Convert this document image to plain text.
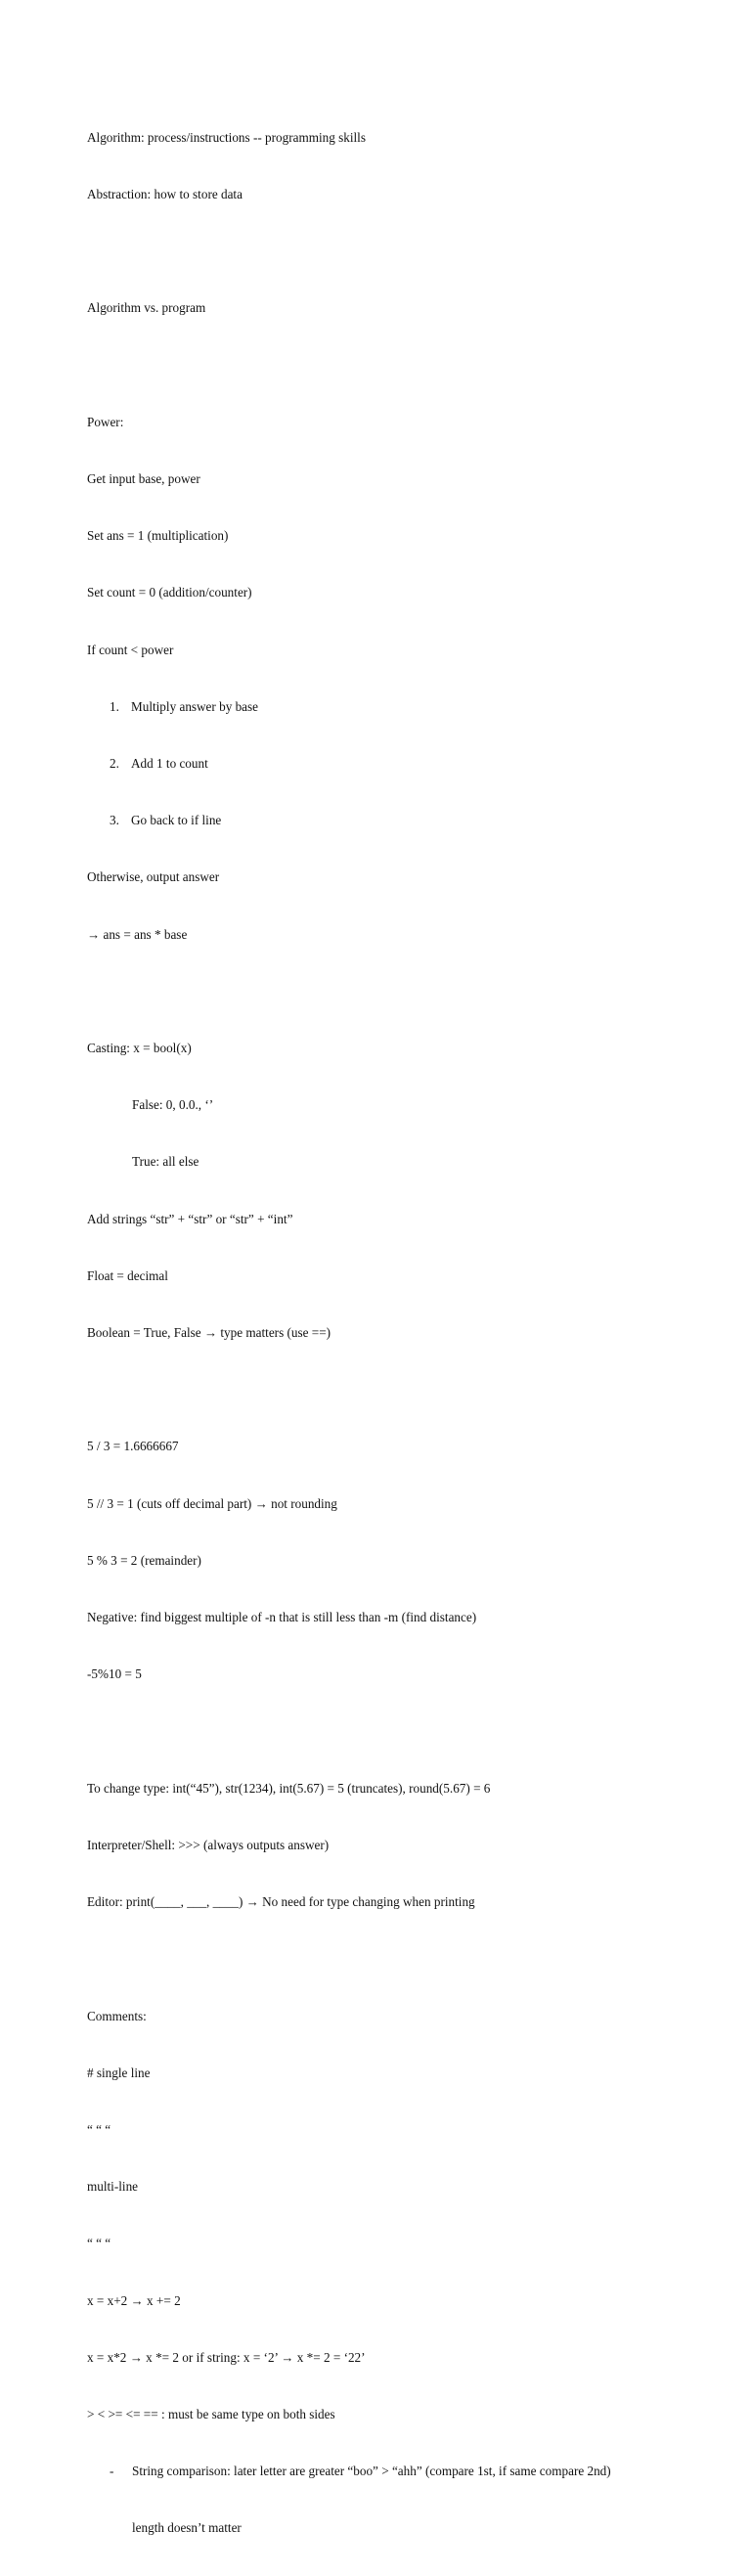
Algorithm: process/instructions -- programming skills

Abstraction: how to store data

Algorithm vs. program

Power:

Get input base, power

Set ans = 1 (multiplication)

Set count = 0 (addition/counter)

If count < power

1. Multiply answer by base

2. Add 1 to count

3. Go back to if line

Otherwise, output answer

→ ans = ans * base

Casting: x = bool(x)

False: 0, 0.0., ‘’

True: all else

Add strings “str” + “str” or “str” + “int”

Float = decimal

Boolean = True, False → type matters (use ==)

5 / 3 = 1.6666667

5 // 3 = 1 (cuts off decimal part) → not rounding

5 % 3 = 2 (remainder)

Negative: find biggest multiple of -n that is still less than -m (find distance)

-5%10 = 5

To change type: int(“45”), str(1234), int(5.67) = 5 (truncates), round(5.67) = 6

Interpreter/Shell: >>> (always outputs answer)

Editor: print(____, ___, ____) → No need for type changing when printing

Comments:

# single line

“ “ “

multi-line

“ “ “

x = x+2 → x += 2

x = x*2 → x *= 2 or if string: x = ‘2’ → x *= 2 = ‘22’

> < >= <= == : must be same type on both sides

- String comparison: later letter are greater “boo” > “ahh” (compare 1st, if same compare 2nd)

length doesn’t matter
